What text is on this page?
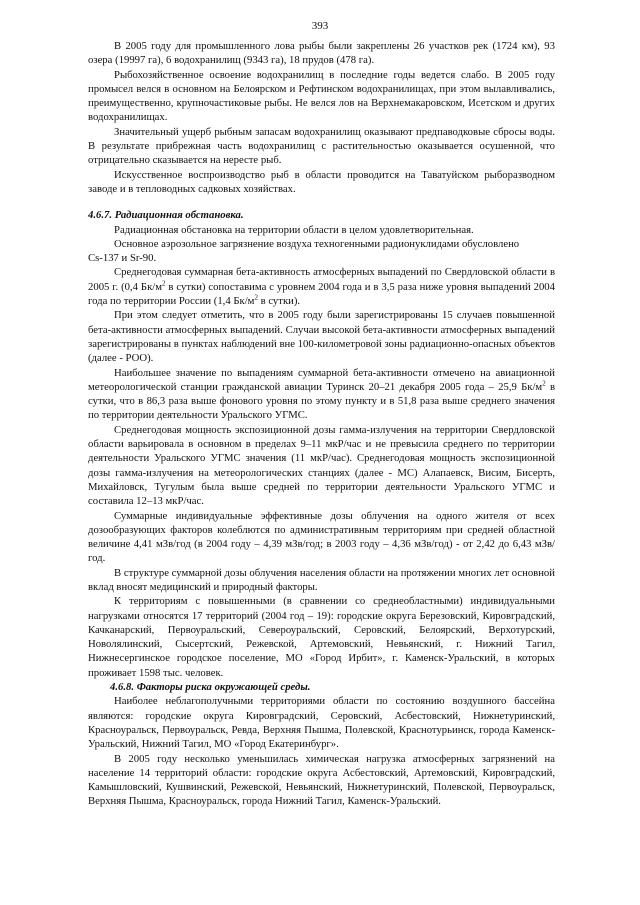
393

В 2005 году для промышленного лова рыбы были закреплены 26 участков рек (1724 км), 93 озера (19997 га), 6 водохранилищ (9343 га), 18 прудов (478 га).

Рыбохозяйственное освоение водохранилищ в последние годы ведется слабо. В 2005 году промысел велся в основном на Белоярском и Рефтинском водохранилищах, при этом вылавливались, преимущественно, крупночастиковые рыбы. Не велся лов на Верхнемакаровском, Исетском и других водохранилищах.

Значительный ущерб рыбным запасам водохранилищ оказывают предпаводковые сбросы воды. В результате прибрежная часть водохранилищ с растительностью оказывается осушенной, что отрицательно сказывается на нересте рыб.

Искусственное воспроизводство рыб в области проводится на Таватуйском рыборазводном заводе и в тепловодных садковых хозяйствах.

4.6.7. Радиационная обстановка.

Радиационная обстановка на территории области в целом удовлетворительная.

Основное аэрозольное загрязнение воздуха техногенными радионуклидами обусловлено

Cs-137 и Sr-90.

Среднегодовая суммарная бета-активность атмосферных выпадений по Свердловской области в 2005 г. (0,4 $Бк/м^2$ в сутки) сопоставима с уровнем 2004 года и в 3,5 раза ниже уровня выпадений 2004 года по территории России (1,4 $Бк/м^2$ в сутки).

При этом следует отметить, что в 2005 году были зарегистрированы 15 случаев повышенной бета-активности атмосферных выпадений. Случаи высокой бета-активности атмосферных выпадений зарегистрированы в пунктах наблюдений вне 100-километровой зоны радиационно-опасных объектов (далее - РОО).

Наибольшее значение по выпадениям суммарной бета-активности отмечено на авиационной метеорологической станции гражданской авиации Туринск 20–21 декабря 2005 года – 25,9 $Бк/м^2$ в сутки, что в 86,3 раза выше фонового уровня по этому пункту и в 51,8 раза выше среднего значения по территории деятельности Уральского УГМС.

Среднегодовая мощность экспозиционной дозы гамма-излучения на территории Свердловской области варьировала в основном в пределах 9–11 мкР/час и не превысила среднего по территории деятельности Уральского УГМС значения (11 мкР/час). Среднегодовая мощность экспозиционной дозы гамма-излучения на метеорологических станциях (далее - МС) Алапаевск, Висим, Бисерть, Михайловск, Тугулым была выше средней по территории деятельности Уральского УГМС и составила 12–13 мкР/час.

Суммарные индивидуальные эффективные дозы облучения на одного жителя от всех дозообразующих факторов колеблются по административным территориям при средней областной величине 4,41 мЗв/год (в 2004 году – 4,39 мЗв/год; в 2003 году – 4,36 мЗв/год) - от 2,42 до 6,43 мЗв/год.

В структуре суммарной дозы облучения населения области на протяжении многих лет основной вклад вносят медицинский и природный факторы.

К территориям с повышенными (в сравнении со среднеобластными) индивидуальными нагрузками относятся 17 территорий (2004 год – 19): городские округа Березовский, Кировградский, Качканарский, Первоуральский, Североуральский, Серовский, Белоярский, Верхотурский, Новолялинский, Сысертский, Режевской, Артемовский, Невьянский, г. Нижний Тагил, Нижнесергинское городское поселение, МО «Город Ирбит», г. Каменск-Уральский, в которых проживает 1598 тыс. человек.

4.6.8. Факторы риска окружающей среды.

Наиболее неблагополучными территориями области по состоянию воздушного бассейна являются: городские округа Кировградский, Серовский, Асбестовский, Нижнетуринский, Красноуральск, Первоуральск, Ревда, Верхняя Пышма, Полевской, Краснотурьинск, города Каменск-Уральский, Нижний Тагил, МО «Город Екатеринбург».

В 2005 году несколько уменьшилась химическая нагрузка атмосферных загрязнений на население 14 территорий области: городские округа Асбестовский, Артемовский, Кировградский, Камышловский, Кушвинский, Режевской, Невьянский, Нижнетуринский, Полевской, Первоуральск, Верхняя Пышма, Красноуральск, города Нижний Тагил, Каменск-Уральский.
